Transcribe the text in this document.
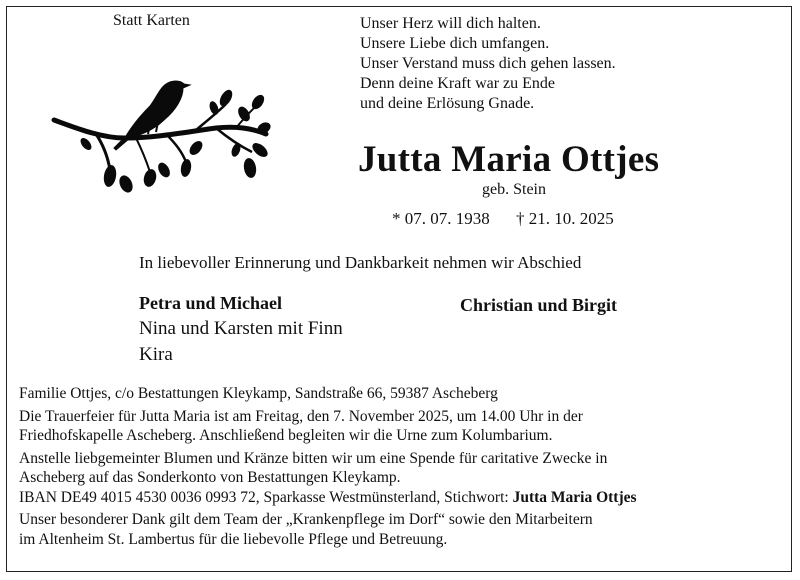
Statt Karten	Unser Herz will dich halten.
Unsere Liebe dich umfangen.
Unser Verstand muss dich gehen lassen.
Denn deine Kraft war zu Ende
und deine Erlösung Gnade.
Jutta Maria Ottjes
geb. Stein
* 07. 07. 1938 † 21. 10. 2025
In liebevoller Erinnerung und Dankbarkeit nehmen wir Abschied
Petra und Michael
Nina und Karsten mit Finn
Kira
Christian und Birgit
Familie Ottjes, c/o Bestattungen Kleykamp, Sandstraße 66, 59387 Ascheberg
Die Trauerfeier für Jutta Maria ist am Freitag, den 7. November 2025, um 14.00 Uhr in der
Friedhofskapelle Ascheberg. Anschließend begleiten wir die Urne zum Kolumbarium.
Anstelle liebgemeinter Blumen und Kränze bitten wir um eine Spende für caritative Zwecke in
Ascheberg auf das Sonderkonto von Bestattungen Kleykamp.
IBAN DE49 4015 4530 0036 0993 72, Sparkasse Westmünsterland, Stichwort: Jutta Maria Ottjes
Unser besonderer Dank gilt dem Team der „Krankenpflege im Dorf“ sowie den Mitarbeitern
im Altenheim St. Lambertus für die liebevolle Pflege und Betreuung.
